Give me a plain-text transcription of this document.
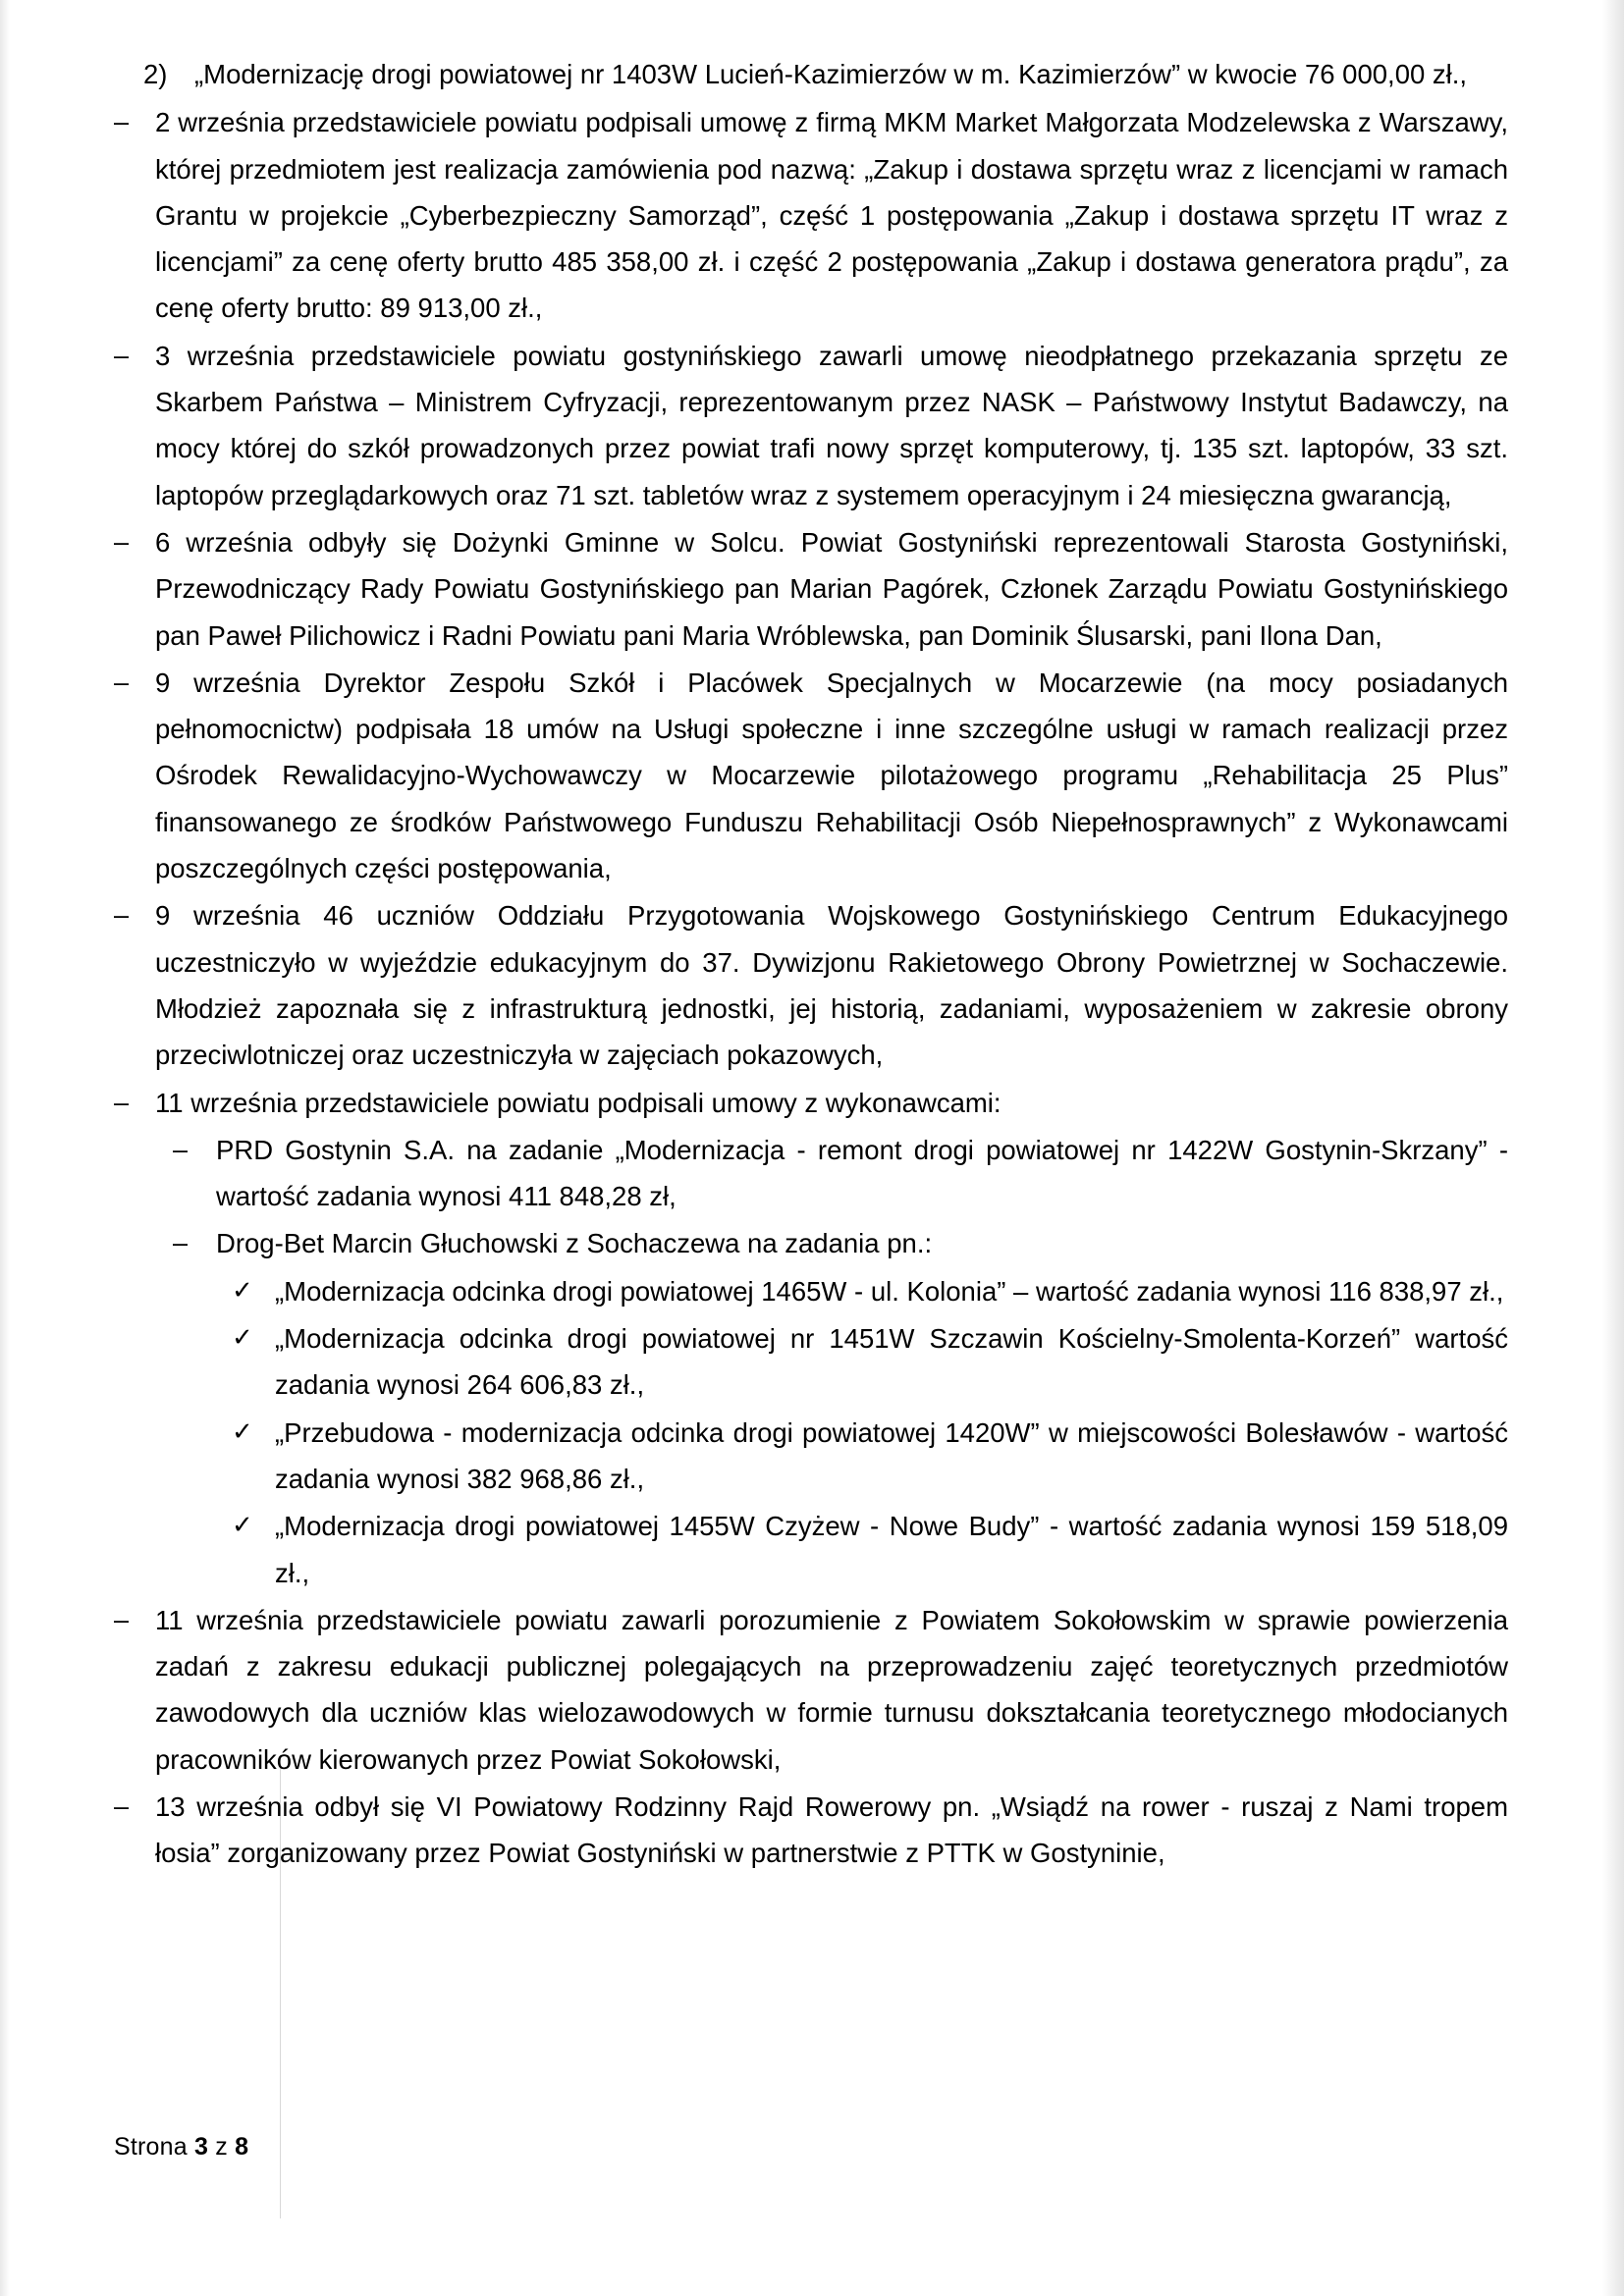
2)	„Modernizację drogi powiatowej nr 1403W Lucień-Kazimierzów w m. Kazimierzów” w kwocie 76 000,00 zł.,
– 2 września przedstawiciele powiatu podpisali umowę z firmą MKM Market Małgorzata Modzelewska z Warszawy, której przedmiotem jest realizacja zamówienia pod nazwą: „Zakup i dostawa sprzętu wraz z licencjami w ramach Grantu w projekcie „Cyberbezpieczny Samorząd”, część 1 postępowania „Zakup i dostawa sprzętu IT wraz z licencjami” za cenę oferty brutto 485 358,00 zł. i część 2 postępowania „Zakup i dostawa generatora prądu”, za cenę oferty brutto: 89 913,00 zł.,
– 3 września przedstawiciele powiatu gostynińskiego zawarli umowę nieodpłatnego przekazania sprzętu ze Skarbem Państwa – Ministrem Cyfryzacji, reprezentowanym przez NASK – Państwowy Instytut Badawczy, na mocy której do szkół prowadzonych przez powiat trafi nowy sprzęt komputerowy, tj. 135 szt. laptopów, 33 szt. laptopów przeglądarkowych oraz 71 szt. tabletów wraz z systemem operacyjnym i 24 miesięczna gwarancją,
– 6 września odbyły się Dożynki Gminne w Solcu. Powiat Gostyniński reprezentowali Starosta Gostyniński, Przewodniczący Rady Powiatu Gostynińskiego pan Marian Pagórek, Członek Zarządu Powiatu Gostynińskiego pan Paweł Pilichowicz i Radni Powiatu pani Maria Wróblewska, pan Dominik Ślusarski, pani Ilona Dan,
– 9 września Dyrektor Zespołu Szkół i Placówek Specjalnych w Mocarzewie (na mocy posiadanych pełnomocnictw) podpisała 18 umów na Usługi społeczne i inne szczególne usługi w ramach realizacji przez Ośrodek Rewalidacyjno-Wychowawczy w Mocarzewie pilotażowego programu „Rehabilitacja 25 Plus” finansowanego ze środków Państwowego Funduszu Rehabilitacji Osób Niepełnosprawnych” z Wykonawcami poszczególnych części postępowania,
– 9 września 46 uczniów Oddziału Przygotowania Wojskowego Gostynińskiego Centrum Edukacyjnego uczestniczyło w wyjeździe edukacyjnym do 37. Dywizjonu Rakietowego Obrony Powietrznej w Sochaczewie. Młodzież zapoznała się z infrastrukturą jednostki, jej historią, zadaniami, wyposażeniem w zakresie obrony przeciwlotniczej oraz uczestniczyła w zajęciach pokazowych,
– 11 września przedstawiciele powiatu podpisali umowy z wykonawcami:
–	PRD Gostynin S.A. na zadanie „Modernizacja - remont drogi powiatowej nr 1422W Gostynin-Skrzany” - wartość zadania wynosi 411 848,28 zł,
–	Drog-Bet Marcin Głuchowski z Sochaczewa na zadania pn.:
✓ „Modernizacja odcinka drogi powiatowej 1465W - ul. Kolonia” – wartość zadania wynosi 116 838,97 zł.,
✓ „Modernizacja odcinka drogi powiatowej nr 1451W Szczawin Kościelny-Smolenta-Korzeń” wartość zadania wynosi 264 606,83 zł.,
✓ „Przebudowa - modernizacja odcinka drogi powiatowej 1420W” w miejscowości Bolesławów - wartość zadania wynosi 382 968,86 zł.,
✓ „Modernizacja drogi powiatowej 1455W Czyżew - Nowe Budy” - wartość zadania wynosi 159 518,09 zł.,
– 11 września przedstawiciele powiatu zawarli porozumienie z Powiatem Sokołowskim w sprawie powierzenia zadań z zakresu edukacji publicznej polegających na przeprowadzeniu zajęć teoretycznych przedmiotów zawodowych dla uczniów klas wielozawodowych w formie turnusu dokształcania teoretycznego młodocianych pracowników kierowanych przez Powiat Sokołowski,
– 13 września odbył się VI Powiatowy Rodzinny Rajd Rowerowy pn. „Wsiądź na rower - ruszaj z Nami tropem łosia” zorganizowany przez Powiat Gostyniński w partnerstwie z PTTK w Gostyninie,
Strona 3 z 8
